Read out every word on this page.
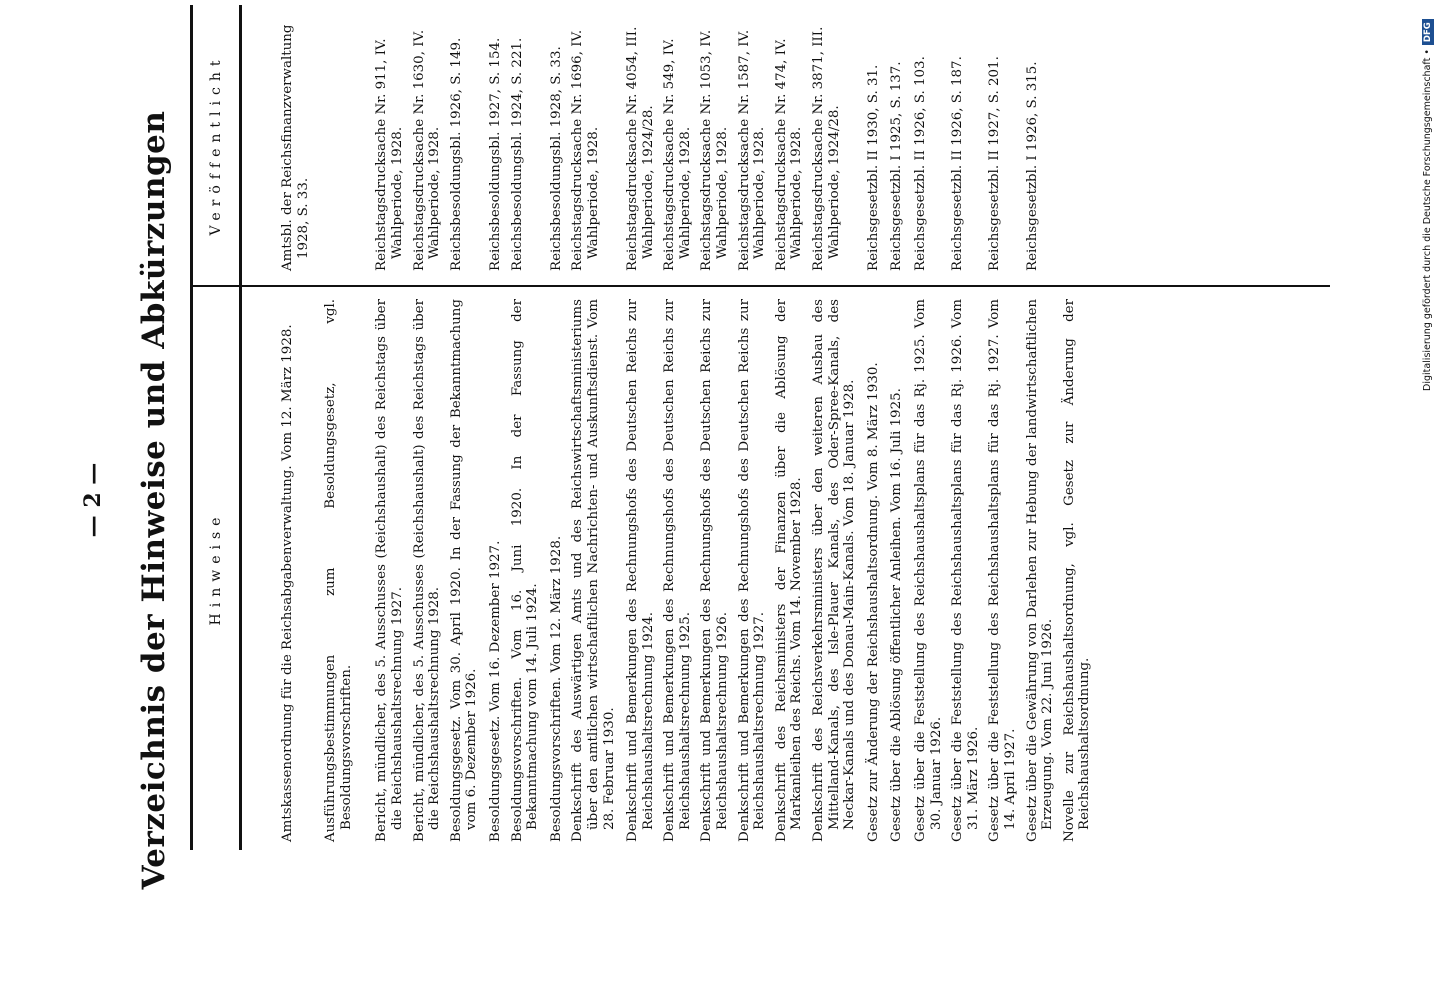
— 2 — Verzeichnis der Hinweise und Abkürzungen	Hinweise
Veröffentlicht
Amtskassenordnung für die Reichsabgabenverwaltung. Vom 12. März 1928.
Amtsbl. der Reichsfinanzverwaltung 1928, S. 33.
Ausführungsbestimmungen zum Besoldungsgesetz, vgl. Besoldungsvorschriften. Bericht, mündlicher, des 5. Ausschusses (Reichshaushalt) des Reichstags über die Reichshaushaltsrechnung 1927.
Reichstagsdrucksache Nr. 911, IV. Wahlperiode, 1928.
Bericht, mündlicher, des 5. Ausschusses (Reichshaushalt) des Reichstags über die Reichshaushaltsrechnung 1928.
Reichstagsdrucksache Nr. 1630, IV. Wahlperiode, 1928.
Besoldungsgesetz. Vom 30. April 1920. In der Fassung der Bekanntmachung vom 6. Dezember 1926.
Reichsbesoldungsbl. 1926, S. 149.
Besoldungsgesetz. Vom 16. Dezember 1927.
Reichsbesoldungsbl. 1927, S. 154.
Besoldungsvorschriften. Vom 16. Juni 1920. In der Fassung der Bekanntmachung vom 14. Juli 1924.
Reichsbesoldungsbl. 1924, S. 221.
Besoldungsvorschriften. Vom 12. März 1928.
Reichsbesoldungsbl. 1928, S. 33.
Denkschrift des Auswärtigen Amts und des Reichswirtschaftsministeriums über den amtlichen wirtschaftlichen Nachrichten- und Auskunftsdienst. Vom 28. Februar 1930.
Reichstagsdrucksache Nr. 1696, IV. Wahlperiode, 1928.
Denkschrift und Bemerkungen des Rechnungshofs des Deutschen Reichs zur Reichshaushaltsrechnung 1924.
Reichstagsdrucksache Nr. 4054, III. Wahlperiode, 1924/28.
Denkschrift und Bemerkungen des Rechnungshofs des Deutschen Reichs zur Reichshaushaltsrechnung 1925.
Reichstagsdrucksache Nr. 549, IV. Wahlperiode, 1928.
Denkschrift und Bemerkungen des Rechnungshofs des Deutschen Reichs zur Reichshaushaltsrechnung 1926.
Reichstagsdrucksache Nr. 1053, IV. Wahlperiode, 1928.
Denkschrift und Bemerkungen des Rechnungshofs des Deutschen Reichs zur Reichshaushaltsrechnung 1927.
Reichstagsdrucksache Nr. 1587, IV. Wahlperiode, 1928.
Denkschrift des Reichsministers der Finanzen über die Ablösung der Markanleihen des Reichs. Vom 14. November 1928.
Reichstagsdrucksache Nr. 474, IV. Wahlperiode, 1928.
Denkschrift des Reichsverkehrsministers über den weiteren Ausbau des Mittelland-Kanals, des Isle-Plauer Kanals, des Oder-Spree-Kanals, des Neckar-Kanals und des Donau-Main-Kanals. Vom 18. Januar 1928.
Reichstagsdrucksache Nr. 3871, III. Wahlperiode, 1924/28.
Gesetz zur Änderung der Reichshaushaltsordnung. Vom 8. März 1930.
Reichsgesetzbl. II 1930, S. 31.
Gesetz über die Ablösung öffentlicher Anleihen. Vom 16. Juli 1925.
Reichsgesetzbl. I 1925, S. 137.
Gesetz über die Feststellung des Reichshaushaltsplans für das Rj. 1925. Vom 30. Januar 1926.
Reichsgesetzbl. II 1926, S. 103.
Gesetz über die Feststellung des Reichshaushaltsplans für das Rj. 1926. Vom 31. März 1926.
Reichsgesetzbl. II 1926, S. 187.
Gesetz über die Feststellung des Reichshaushaltsplans für das Rj. 1927. Vom 14. April 1927.
Reichsgesetzbl. II 1927, S. 201.
Gesetz über die Gewährung von Darlehen zur Hebung der landwirtschaftlichen Erzeugung. Vom 22. Juni 1926.
Reichsgesetzbl. I 1926, S. 315.
Novelle zur Reichshaushaltsordnung, vgl. Gesetz zur Änderung der Reichshaushaltsordnung.
Digitalisierung gefördert durch die Deutsche Forschungsgemeinschaft •
DFG
